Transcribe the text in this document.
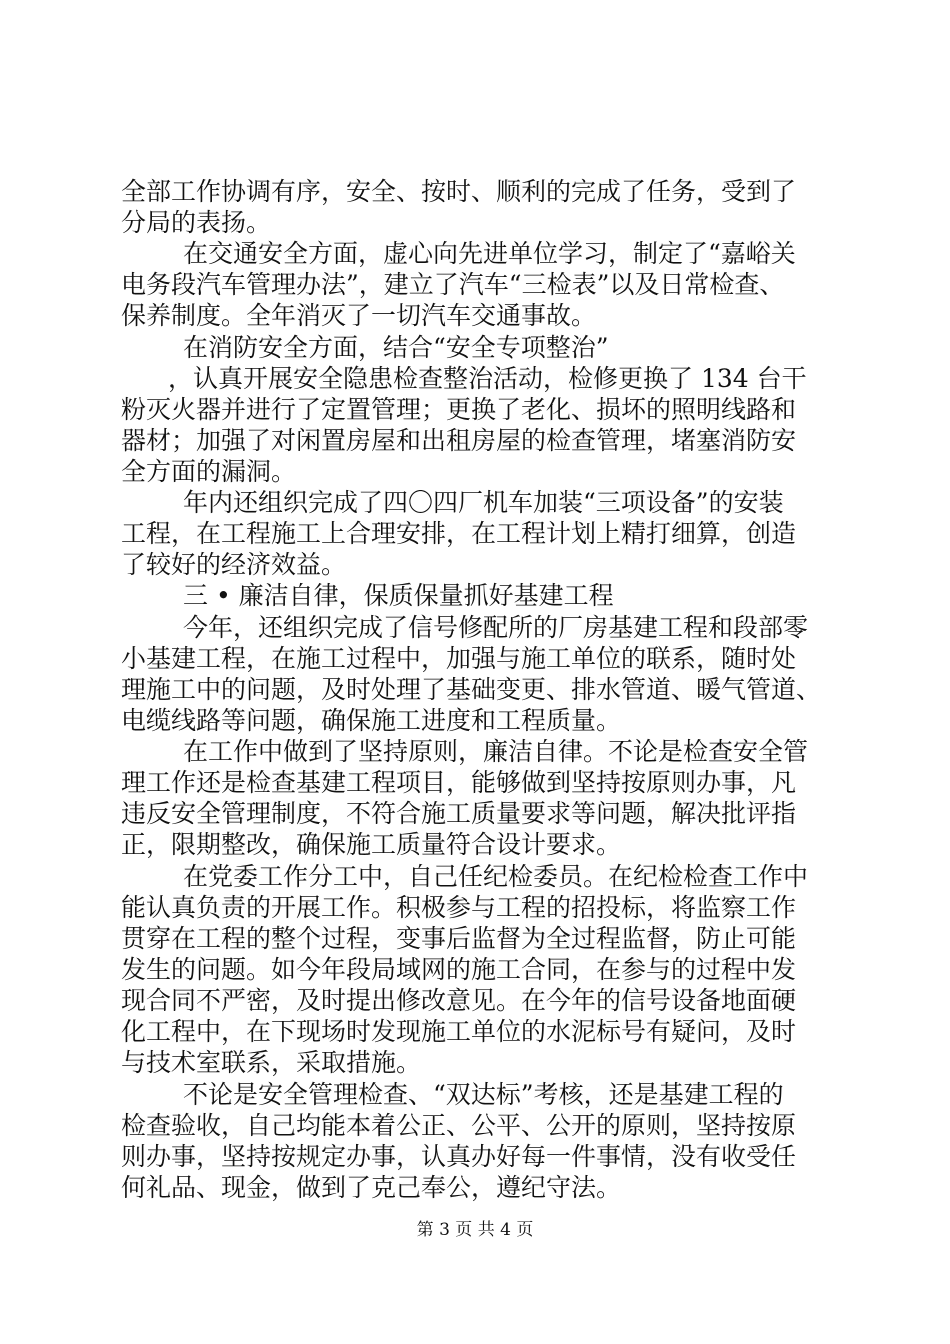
全部工作协调有序，安全、按时、顺利的完成了任务，受到了
分局的表扬。
在交通安全方面，虚心向先进单位学习，制定了“嘉峪关
电务段汽车管理办法”，建立了汽车“三检表”以及日常检查、
保养制度。全年消灭了一切汽车交通事故。
在消防安全方面，结合“安全专项整治”
，认真开展安全隐患检查整治活动，检修更换了 134 台干
粉灭火器并进行了定置管理；更换了老化、损坏的照明线路和
器材；加强了对闲置房屋和出租房屋的检查管理，堵塞消防安
全方面的漏洞。
年内还组织完成了四〇四厂机车加装“三项设备”的安装
工程，在工程施工上合理安排，在工程计划上精打细算，创造
了较好的经济效益。
三 • 廉洁自律，保质保量抓好基建工程
今年，还组织完成了信号修配所的厂房基建工程和段部零
小基建工程，在施工过程中，加强与施工单位的联系，随时处
理施工中的问题，及时处理了基础变更、排水管道、暖气管道、
电缆线路等问题，确保施工进度和工程质量。
在工作中做到了坚持原则，廉洁自律。不论是检查安全管
理工作还是检查基建工程项目，能够做到坚持按原则办事，凡
违反安全管理制度，不符合施工质量要求等问题，解决批评指
正，限期整改，确保施工质量符合设计要求。
在党委工作分工中，自己任纪检委员。在纪检检查工作中
能认真负责的开展工作。积极参与工程的招投标，将监察工作
贯穿在工程的整个过程，变事后监督为全过程监督，防止可能
发生的问题。如今年段局域网的施工合同，在参与的过程中发
现合同不严密，及时提出修改意见。在今年的信号设备地面硬
化工程中，在下现场时发现施工单位的水泥标号有疑问，及时
与技术室联系，采取措施。
不论是安全管理检查、“双达标”考核，还是基建工程的
检查验收，自己均能本着公正、公平、公开的原则，坚持按原
则办事，坚持按规定办事，认真办好每一件事情，没有收受任
何礼品、现金，做到了克己奉公，遵纪守法。
第 3 页 共 4 页
